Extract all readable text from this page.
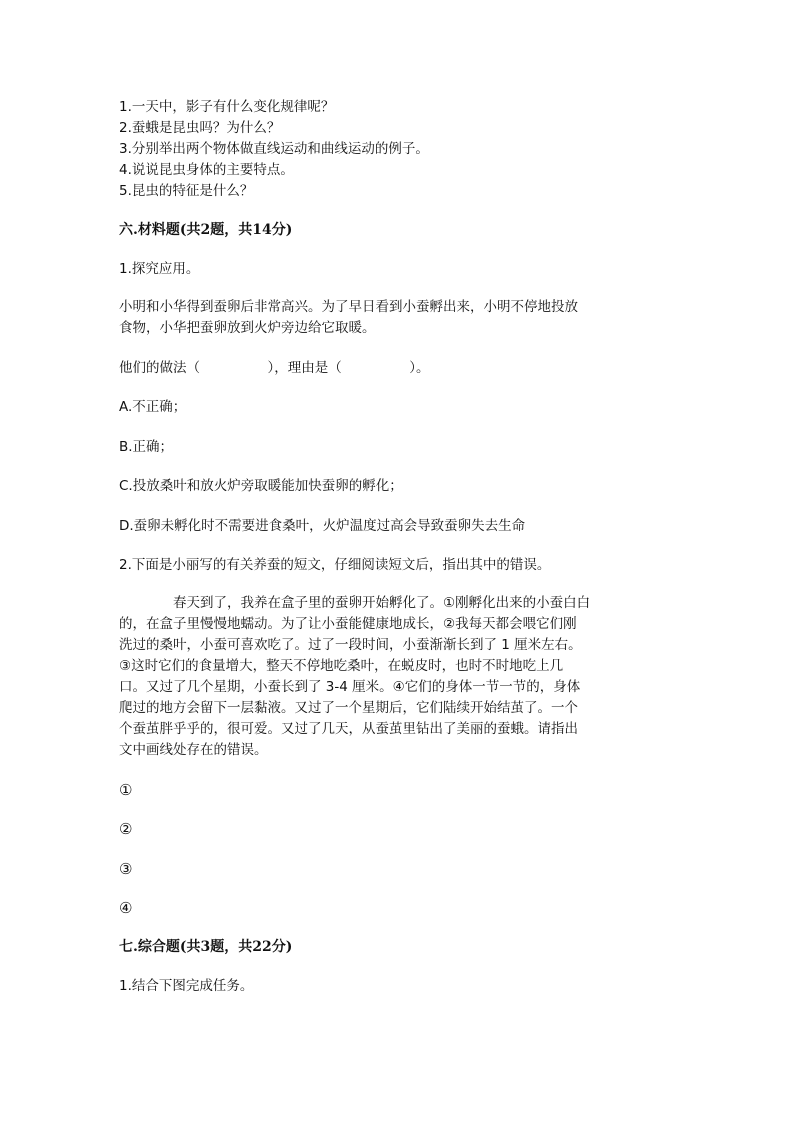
1.一天中，影子有什么变化规律呢？
2.蚕蛾是昆虫吗？为什么？
3.分别举出两个物体做直线运动和曲线运动的例子。
4.说说昆虫身体的主要特点。
5.昆虫的特征是什么？
六.材料题(共2题，共14分)
1.探究应用。

小明和小华得到蚕卵后非常高兴。为了早日看到小蚕孵出来，小明不停地投放

食物，小华把蚕卵放到火炉旁边给它取暖。

他们的做法（　　　　　），理由是（　　　　　）。
A.不正确；
B.正确；
C.投放桑叶和放火炉旁取暖能加快蚕卵的孵化；
D.蚕卵未孵化时不需要进食桑叶，火炉温度过高会导致蚕卵失去生命
2.下面是小丽写的有关养蚕的短文，仔细阅读短文后，指出其中的错误。

春天到了，我养在盒子里的蚕卵开始孵化了。①刚孵化出来的小蚕白白

的，在盒子里慢慢地蠕动。为了让小蚕能健康地成长，②我每天都会喂它们刚

洗过的桑叶，小蚕可喜欢吃了。过了一段时间，小蚕渐渐长到了 1 厘米左右。

③这时它们的食量增大，整天不停地吃桑叶，在蜕皮时，也时不时地吃上几

口。又过了几个星期，小蚕长到了 3-4 厘米。④它们的身体一节一节的，身体

爬过的地方会留下一层黏液。又过了一个星期后，它们陆续开始结茧了。一个

个蚕茧胖乎乎的，很可爱。又过了几天，从蚕茧里钻出了美丽的蚕蛾。请指出

文中画线处存在的错误。

①
②
③
④
七.综合题(共3题，共22分)
1.结合下图完成任务。
